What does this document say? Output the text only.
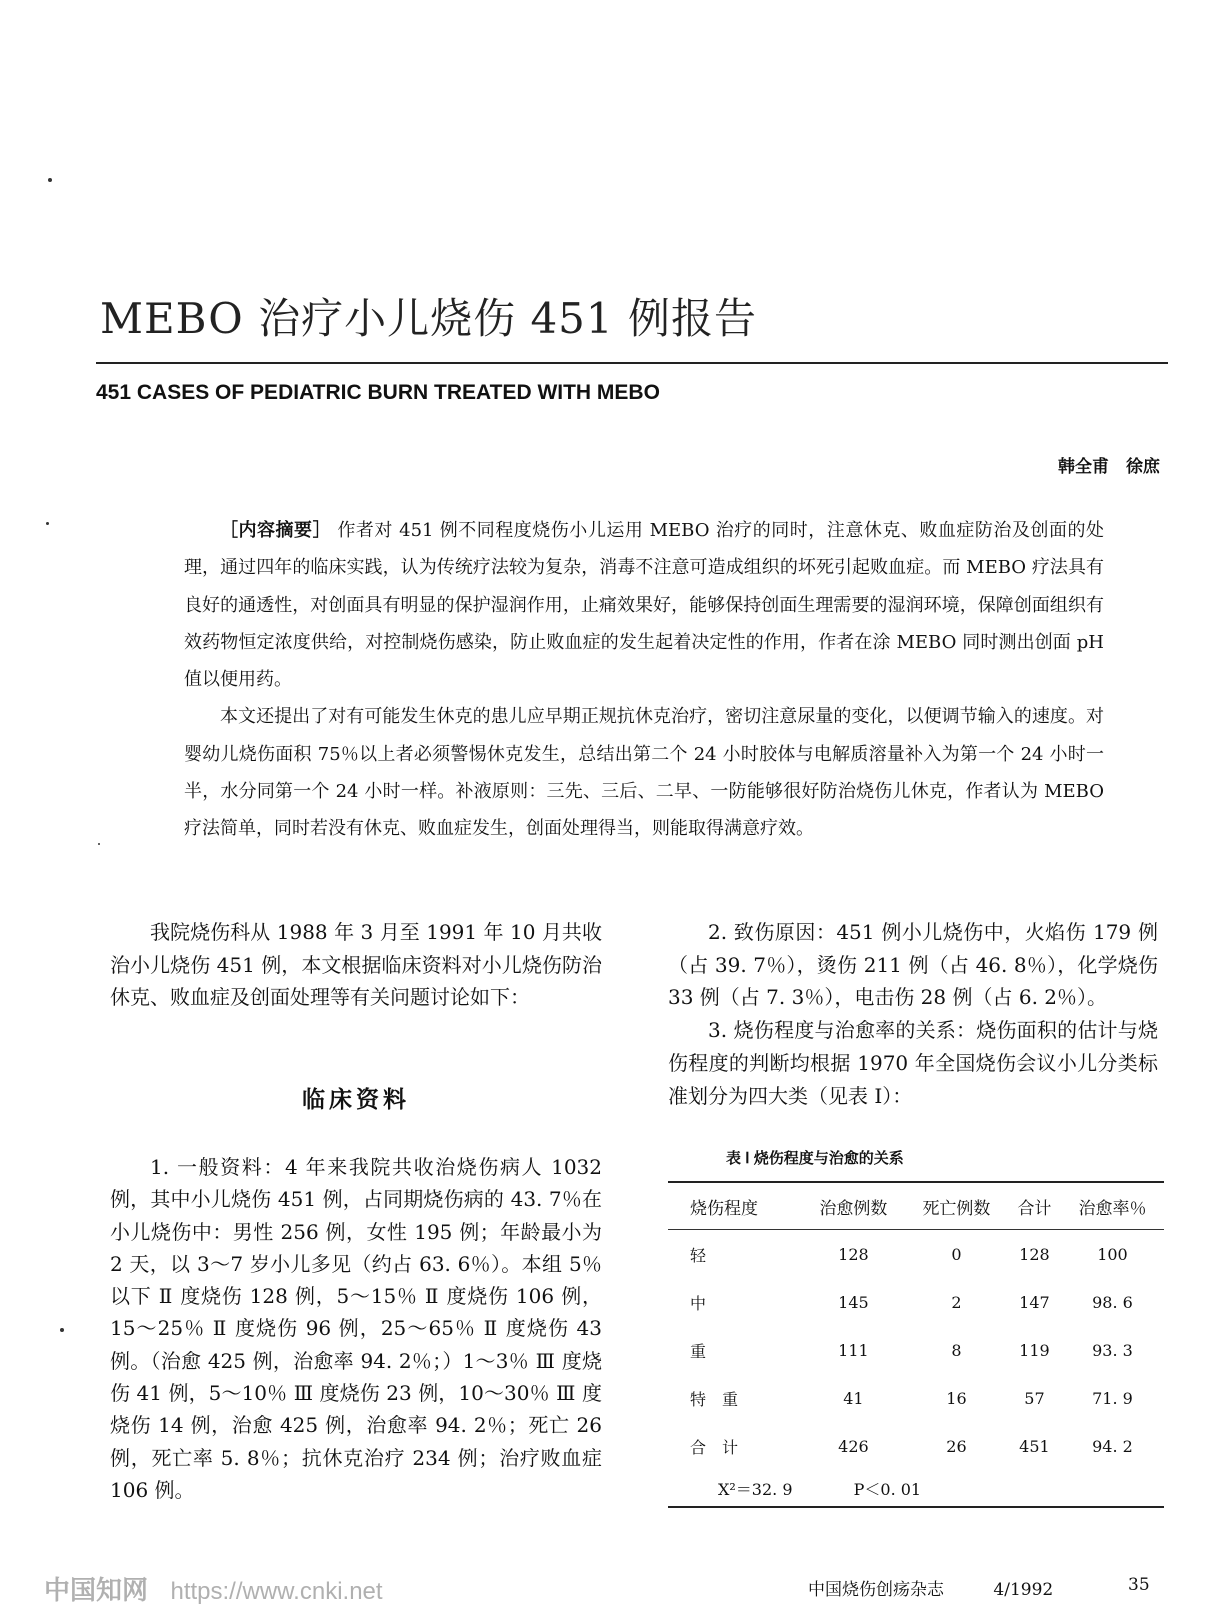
MEBO 治疗小儿烧伤 451 例报告
451 CASES OF PEDIATRIC BURN TREATED WITH MEBO
韩全甫　徐庶

［内容摘要］ 作者对 451 例不同程度烧伤小儿运用 MEBO 治疗的同时，注意休克、败血症防治及创面的处理，通过四年的临床实践，认为传统疗法较为复杂，消毒不注意可造成组织的坏死引起败血症。而 MEBO 疗法具有良好的通透性，对创面具有明显的保护湿润作用，止痛效果好，能够保持创面生理需要的湿润环境，保障创面组织有效药物恒定浓度供给，对控制烧伤感染，防止败血症的发生起着决定性的作用，作者在涂 MEBO 同时测出创面 pH 值以便用药。

本文还提出了对有可能发生休克的患儿应早期正规抗休克治疗，密切注意尿量的变化，以便调节输入的速度。对婴幼儿烧伤面积 75％以上者必须警惕休克发生，总结出第二个 24 小时胶体与电解质溶量补入为第一个 24 小时一半，水分同第一个 24 小时一样。补液原则：三先、三后、二早、一防能够很好防治烧伤儿休克，作者认为 MEBO 疗法简单，同时若没有休克、败血症发生，创面处理得当，则能取得满意疗效。

我院烧伤科从 1988 年 3 月至 1991 年 10 月共收治小儿烧伤 451 例，本文根据临床资料对小儿烧伤防治休克、败血症及创面处理等有关问题讨论如下：

临床资料

1. 一般资料：4 年来我院共收治烧伤病人 1032 例，其中小儿烧伤 451 例，占同期烧伤病的 43. 7％在小儿烧伤中：男性 256 例，女性 195 例；年龄最小为 2 天，以 3～7 岁小儿多见（约占 63. 6％）。本组 5％以下 Ⅱ 度烧伤 128 例，5～15％ Ⅱ 度烧伤 106 例，15～25％ Ⅱ 度烧伤 96 例，25～65％ Ⅱ 度烧伤 43 例。（治愈 425 例，治愈率 94. 2％；）1～3％ Ⅲ 度烧伤 41 例，5～10％ Ⅲ 度烧伤 23 例，10～30％ Ⅲ 度烧伤 14 例，治愈 425 例，治愈率 94. 2％；死亡 26 例，死亡率 5. 8％；抗休克治疗 234 例；治疗败血症 106 例。

2. 致伤原因：451 例小儿烧伤中，火焰伤 179 例（占 39. 7％），烫伤 211 例（占 46. 8％），化学烧伤 33 例（占 7. 3％），电击伤 28 例（占 6. 2％）。

3. 烧伤程度与治愈率的关系：烧伤面积的估计与烧伤程度的判断均根据 1970 年全国烧伤会议小儿分类标准划分为四大类（见表 Ⅰ）：

表 Ⅰ 烧伤程度与治愈的关系
烧伤程度	治愈例数	死亡例数	合计	治愈率％
轻	128	0	128	100
中	145	2	147	98. 6
重	111	8	119	93. 3
特　重	41	16	57	71. 9
合　计	426	26	451	94. 2
X²＝32. 9	P＜0. 01
中国知网 https://www.cnki.net	中国烧伤创疡杂志	4/1992	35
